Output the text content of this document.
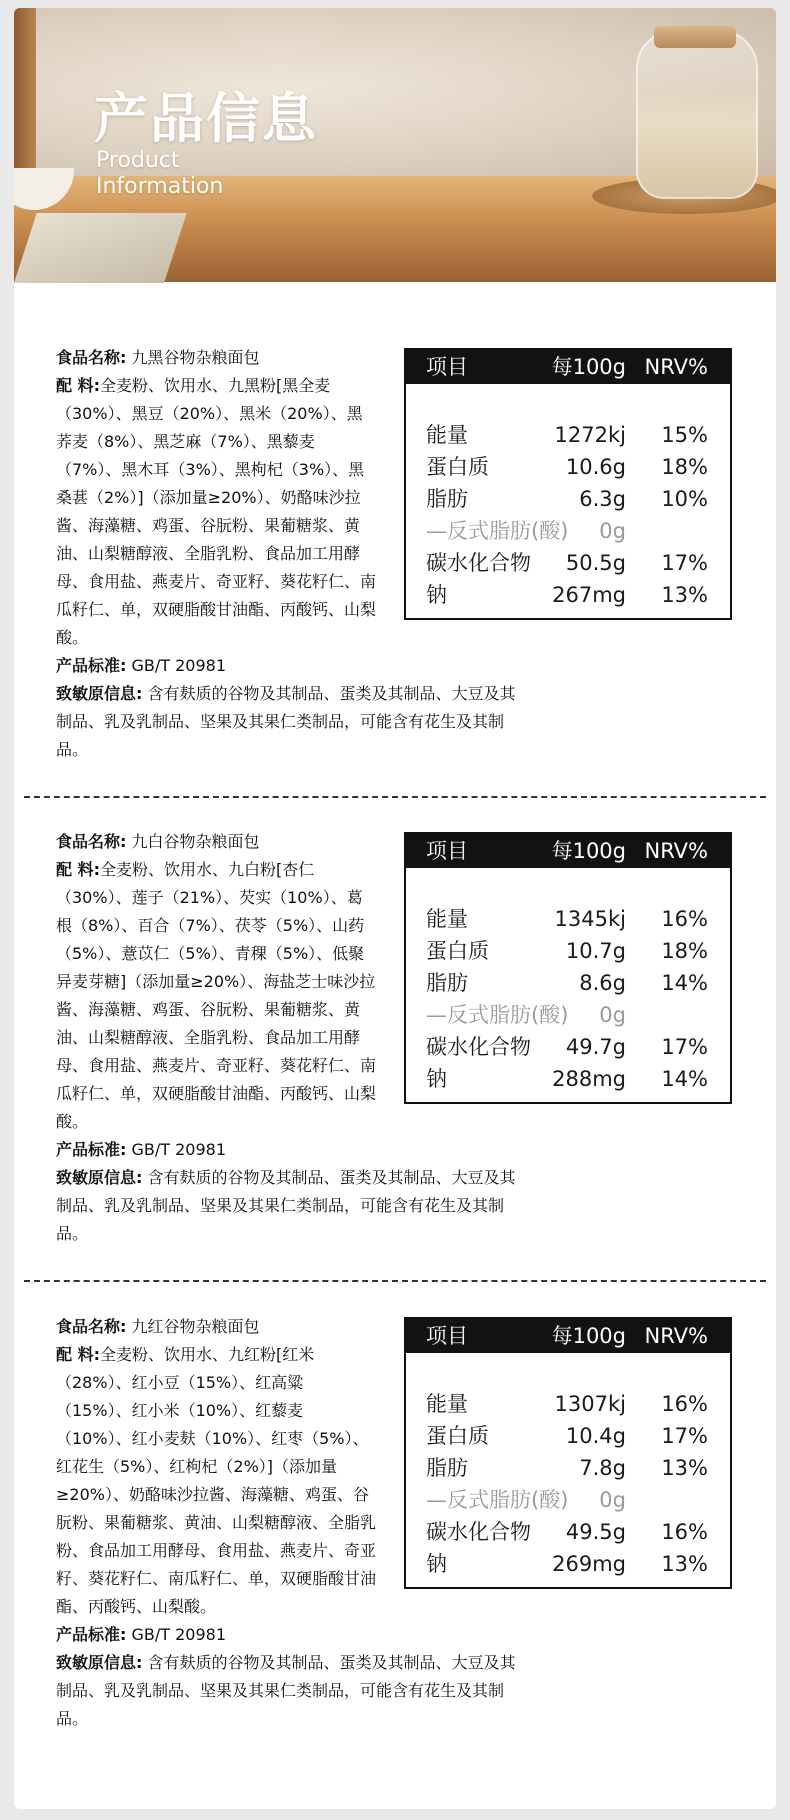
产品信息
Product
Information

食品名称: 九黑谷物杂粮面包

配 料:全麦粉、饮用水、九黑粉[黑全麦（30%）、黑豆（20%）、黑米（20%）、黑荞麦（8%）、黑芝麻（7%）、黑藜麦（7%）、黑木耳（3%）、黑枸杞（3%）、黑桑葚（2%）]（添加量≥20%）、奶酪味沙拉酱、海藻糖、鸡蛋、谷朊粉、果葡糖浆、黄油、山梨糖醇液、全脂乳粉、食品加工用酵母、食用盐、燕麦片、奇亚籽、葵花籽仁、南瓜籽仁、单，双硬脂酸甘油酯、丙酸钙、山梨酸。

产品标准: GB/T 20981

致敏原信息: 含有麸质的谷物及其制品、蛋类及其制品、大豆及其制品、乳及乳制品、坚果及其果仁类制品，可能含有花生及其制品。

项目	每100g NRV%
能量	1272kj 15%
蛋白质	10.6g 18%
脂肪	6.3g 10%
—反式脂肪(酸) 0g
碳水化合物 50.5g 17%
钠	267mg 13%

食品名称: 九白谷物杂粮面包

配 料:全麦粉、饮用水、九白粉[杏仁（30%）、莲子（21%）、芡实（10%）、葛根（8%）、百合（7%）、茯苓（5%）、山药（5%）、薏苡仁（5%）、青稞（5%）、低聚异麦芽糖]（添加量≥20%）、海盐芝士味沙拉酱、海藻糖、鸡蛋、谷朊粉、果葡糖浆、黄油、山梨糖醇液、全脂乳粉、食品加工用酵母、食用盐、燕麦片、奇亚籽、葵花籽仁、南瓜籽仁、单，双硬脂酸甘油酯、丙酸钙、山梨酸。

产品标准: GB/T 20981

致敏原信息: 含有麸质的谷物及其制品、蛋类及其制品、大豆及其制品、乳及乳制品、坚果及其果仁类制品，可能含有花生及其制品。

项目	每100g NRV%
能量	1345kj 16%
蛋白质	10.7g 18%
脂肪	8.6g 14%
—反式脂肪(酸) 0g
碳水化合物 49.7g 17%
钠	288mg 14%

食品名称: 九红谷物杂粮面包

配 料:全麦粉、饮用水、九红粉[红米（28%）、红小豆（15%）、红高粱（15%）、红小米（10%）、红藜麦（10%）、红小麦麸（10%）、红枣（5%）、红花生（5%）、红枸杞（2%）]（添加量≥20%）、奶酪味沙拉酱、海藻糖、鸡蛋、谷朊粉、果葡糖浆、黄油、山梨糖醇液、全脂乳粉、食品加工用酵母、食用盐、燕麦片、奇亚籽、葵花籽仁、南瓜籽仁、单，双硬脂酸甘油酯、丙酸钙、山梨酸。

产品标准: GB/T 20981

致敏原信息: 含有麸质的谷物及其制品、蛋类及其制品、大豆及其制品、乳及乳制品、坚果及其果仁类制品，可能含有花生及其制品。

项目	每100g NRV%
能量	1307kj 16%
蛋白质	10.4g 17%
脂肪	7.8g 13%
—反式脂肪(酸) 0g
碳水化合物 49.5g 16%
钠	269mg 13%
